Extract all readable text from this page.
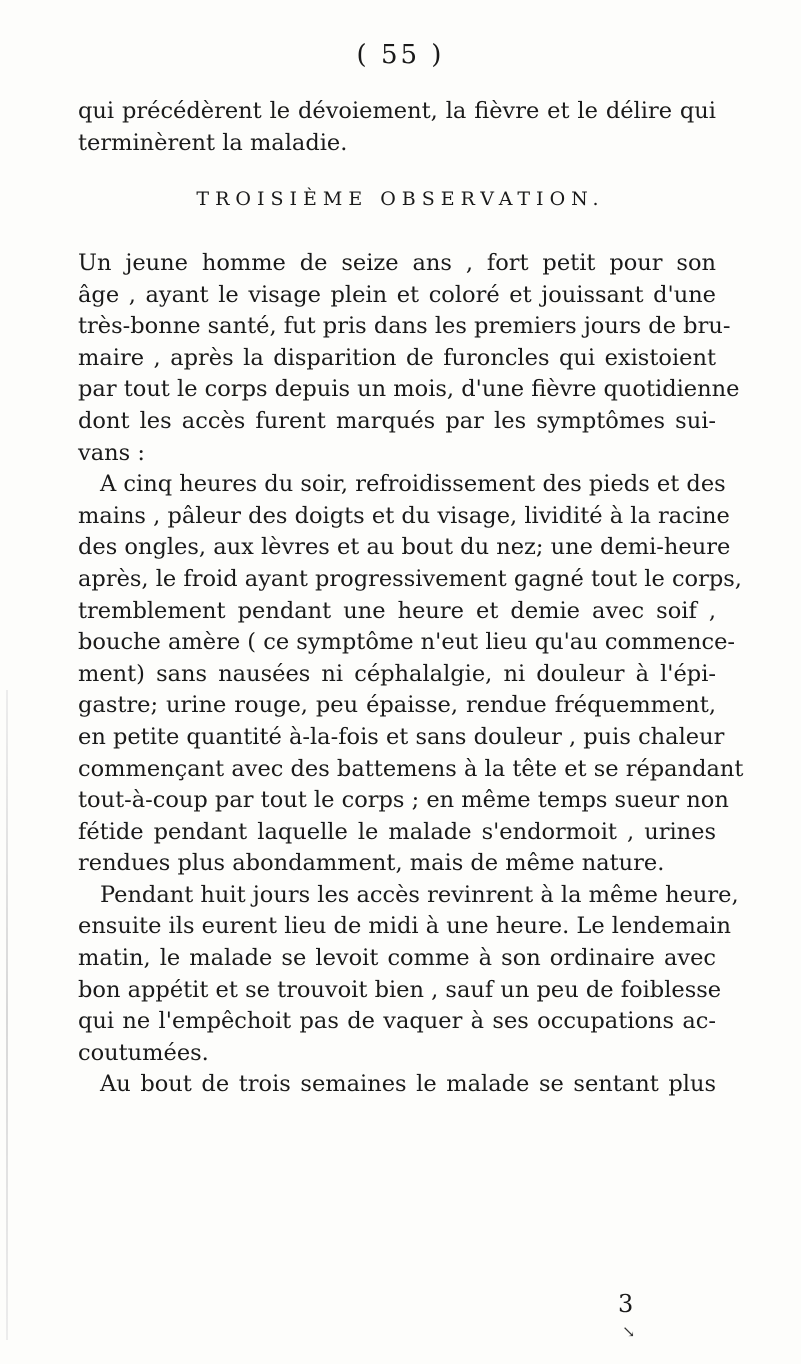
( 55 )
qui précédèrent le dévoiement, la fièvre et le délire qui
terminèrent la maladie.
TROISIÈME OBSERVATION.
Un jeune homme de seize ans , fort petit pour son
âge , ayant le visage plein et coloré et jouissant d'une
très-bonne santé, fut pris dans les premiers jours de bru-
maire , après la disparition de furoncles qui existoient
par tout le corps depuis un mois, d'une fièvre quotidienne
dont les accès furent marqués par les symptômes sui-
vans :
A cinq heures du soir, refroidissement des pieds et des
mains , pâleur des doigts et du visage, lividité à la racine
des ongles, aux lèvres et au bout du nez; une demi-heure
après, le froid ayant progressivement gagné tout le corps,
tremblement pendant une heure et demie avec soif ,
bouche amère ( ce symptôme n'eut lieu qu'au commence-
ment) sans nausées ni céphalalgie, ni douleur à l'épi-
gastre; urine rouge, peu épaisse, rendue fréquemment,
en petite quantité à-la-fois et sans douleur , puis chaleur
commençant avec des battemens à la tête et se répandant
tout-à-coup par tout le corps ; en même temps sueur non
fétide pendant laquelle le malade s'endormoit , urines
rendues plus abondamment, mais de même nature.
Pendant huit jours les accès revinrent à la même heure,
ensuite ils eurent lieu de midi à une heure. Le lendemain
matin, le malade se levoit comme à son ordinaire avec
bon appétit et se trouvoit bien , sauf un peu de foiblesse
qui ne l'empêchoit pas de vaquer à ses occupations ac-
coutumées.
Au bout de trois semaines le malade se sentant plus
3
↘
